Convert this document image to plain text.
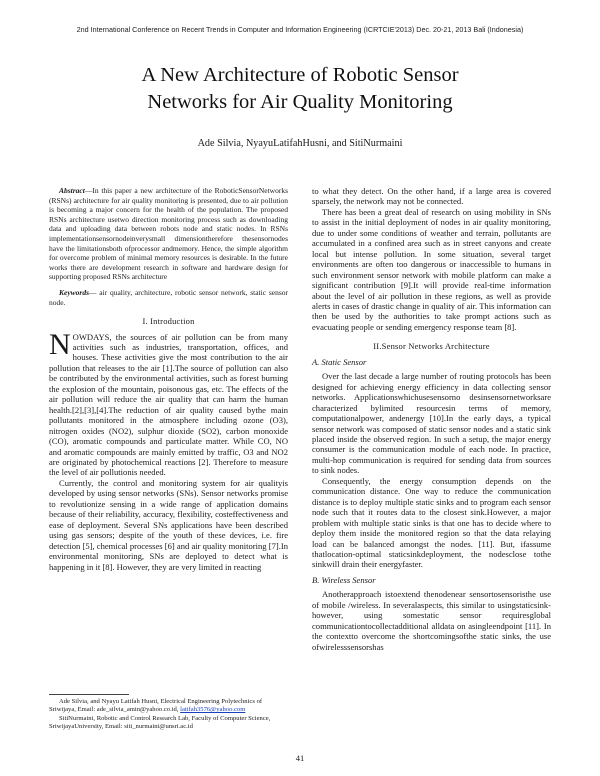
2nd International Conference on Recent Trends in Computer and Information Engineering (ICRTCIE'2013) Dec. 20-21, 2013 Bali (Indonesia)
A New Architecture of Robotic Sensor
Networks for Air Quality Monitoring
Ade Silvia, NyayuLatifahHusni, and SitiNurmaini

Abstract—In this paper a new architecture of the RoboticSensorNetworks (RSNs) architecture for air quality monitoring is presented, due to air pollution is becoming a major concern for the health of the population. The proposed RSNs architecture usetwo direction monitoring process such as downloading data and uploading data between robots node and static nodes. In RSNs implementationsensornodeinverysmall dimensiontherefore thesensornodes have the limitationsboth ofprocessor andmemory. Hence, the simple algorithm for overcome problem of minimal memory resources is desirable. In the future works there are development research in software and hardware design for supporting proposed RSNs architecture

Keywords— air quality, architecture, robotic sensor network, static sensor node.

I. Introduction

NOWDAYS, the sources of air pollution can be from many activities such as industries, transportation, offices, and houses. These activities give the most contribution to the air pollution that releases to the air [1].The source of pollution can also be contributed by the environmental activities, such as forest burning the explosion of the mountain, poisonous gas, etc. The effects of the air pollution will reduce the air quality that can harm the human health.[2],[3],[4].The reduction of air quality caused bythe main pollutants monitored in the atmosphere including ozone (O3), nitrogen oxides (NO2), sulphur dioxide (SO2), carbon monoxide (CO), aromatic compounds and particulate matter. While CO, NO and aromatic compounds are mainly emitted by traffic, O3 and NO2 are originated by photochemical reactions [2]. Therefore to measure the level of air pollutionis needed.

Currently, the control and monitoring system for air qualityis developed by using sensor networks (SNs). Sensor networks promise to revolutionize sensing in a wide range of application domains because of their reliability, accuracy, flexibility, costeffectiveness and ease of deployment. Several SNs applications have been described using gas sensors; despite of the youth of these devices, i.e. fire detection [5], chemical processes [6] and air quality monitoring [7].In environmental monitoring, SNs are deployed to detect what is happening in it [8]. However, they are very limited in reacting

Ade Silvia, and Nyayu Latifah Husni, Electrical Engineering Polytechnics of Sriwijaya, Email: ade_silvia_amin@yahoo.co.id, latifah3576@yahoo.com

SitiNurmaini, Robotic and Control Research Lab, Faculty of Computer Science, SriwijayaUniversity, Email: siti_nurmaini@unsri.ac.id

to what they detect. On the other hand, if a large area is covered sparsely, the network may not be connected.

There has been a great deal of research on using mobility in SNs to assist in the initial deployment of nodes in air quality monitoring, due to under some conditions of weather and terrain, pollutants are accumulated in a confined area such as in street canyons and create local but intense pollution. In some situation, several target environments are often too dangerous or inaccessible to humans in such environment sensor network with mobile platform can make a significant contribution [9].It will provide real-time information about the level of air pollution in these regions, as well as provide alerts in cases of drastic change in quality of air. This information can then be used by the authorities to take prompt actions such as evacuating people or sending emergency response team [8].

II.Sensor Networks Architecture
A. Static Sensor

Over the last decade a large number of routing protocols has been designed for achieving energy efficiency in data collecting sensor networks. Applicationswhichusesensorno desinsensornetworksare characterized bylimited resourcesin terms of memory, computationalpower, andenergy [10].In the early days, a typical sensor network was composed of static sensor nodes and a static sink placed inside the observed region. In such a setup, the major energy consumer is the communication module of each node. In practice, multi-hop communication is required for sending data from sources to sink nodes.

Consequently, the energy consumption depends on the communication distance. One way to reduce the communication distance is to deploy multiple static sinks and to program each sensor node such that it routes data to the closest sink.However, a major problem with multiple static sinks is that one has to decide where to deploy them inside the monitored region so that the data relaying load can be balanced amongst the nodes. [11]. But, ifassume thatlocation-optimal staticsinkdeployment, the nodesclose tothe sinkwill drain their energyfaster.

B. Wireless Sensor

Anotherapproach istoextend thenodenear sensortosensoristhe use of mobile /wireless. In severalaspects, this similar to usingstaticsink-however, using somestatic sensor requiresglobal communicationtocollectadditional alldata on asingleendpoint [11]. In the contextto overcome the shortcomingsofthe static sinks, the use ofwirelesssensorshas

41
